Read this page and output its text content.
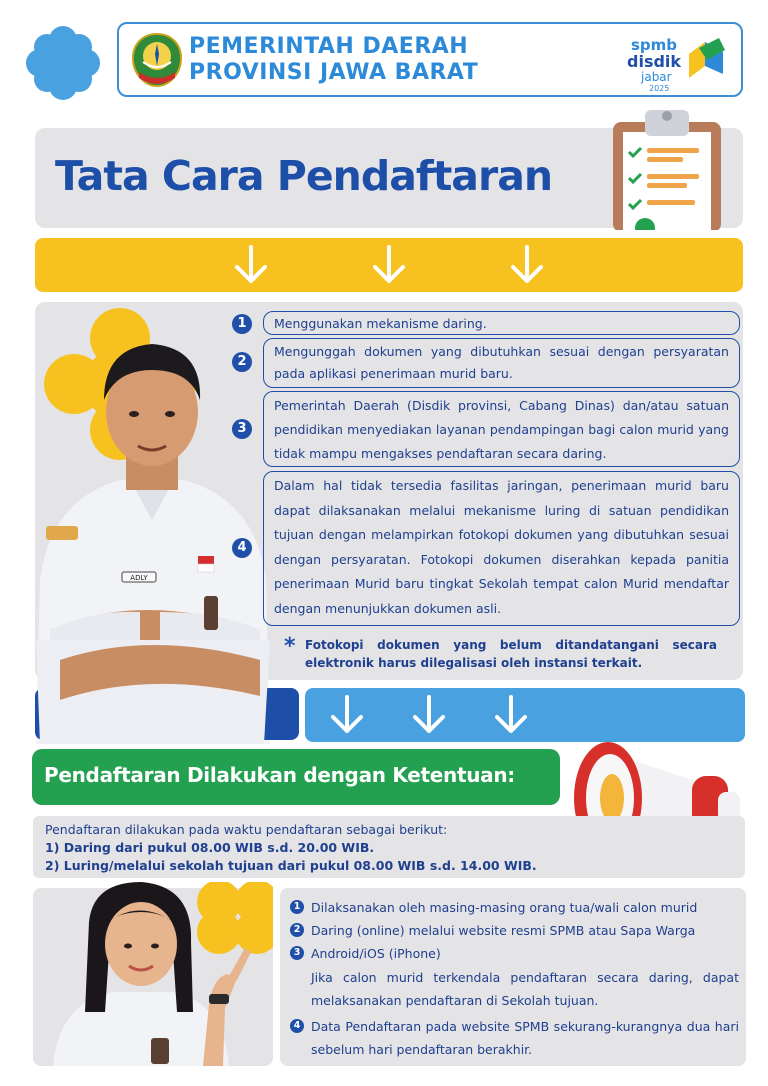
PEMERINTAH DAERAH
PROVINSI JAWA BARAT
spmb
disdik
jabar
2025
Tata Cara Pendaftaran
ADLY
1	Menggunakan mekanisme daring.
2
Mengunggah dokumen yang dibutuhkan sesuai dengan persyaratan pada aplikasi penerimaan murid baru.
3
Pemerintah Daerah (Disdik provinsi, Cabang Dinas) dan/atau satuan pendidikan menyediakan layanan pendampingan bagi calon murid yang tidak mampu mengakses pendaftaran secara daring.
4
Dalam hal tidak tersedia fasilitas jaringan, penerimaan murid baru dapat dilaksanakan melalui mekanisme luring di satuan pendidikan tujuan dengan melampirkan fotokopi dokumen yang dibutuhkan sesuai dengan persyaratan. Fotokopi dokumen diserahkan kepada panitia penerimaan Murid baru tingkat Sekolah tempat calon Murid mendaftar dengan menunjukkan dokumen asli.
* Fotokopi dokumen yang belum ditandatangani secara elektronik harus dilegalisasi oleh instansi terkait.
Pendaftaran Dilakukan dengan Ketentuan:
Pendaftaran dilakukan pada waktu pendaftaran sebagai berikut:
1) Daring dari pukul 08.00 WIB s.d. 20.00 WIB.
2) Luring/melalui sekolah tujuan dari pukul 08.00 WIB s.d. 14.00 WIB.
1 Dilaksanakan oleh masing-masing orang tua/wali calon murid
2 Daring (online) melalui website resmi SPMB atau Sapa Warga
3 Android/iOS (iPhone)
Jika calon murid terkendala pendaftaran secara daring, dapat melaksanakan pendaftaran di Sekolah tujuan.
4 Data Pendaftaran pada website SPMB sekurang-kurangnya dua hari sebelum hari pendaftaran berakhir.
